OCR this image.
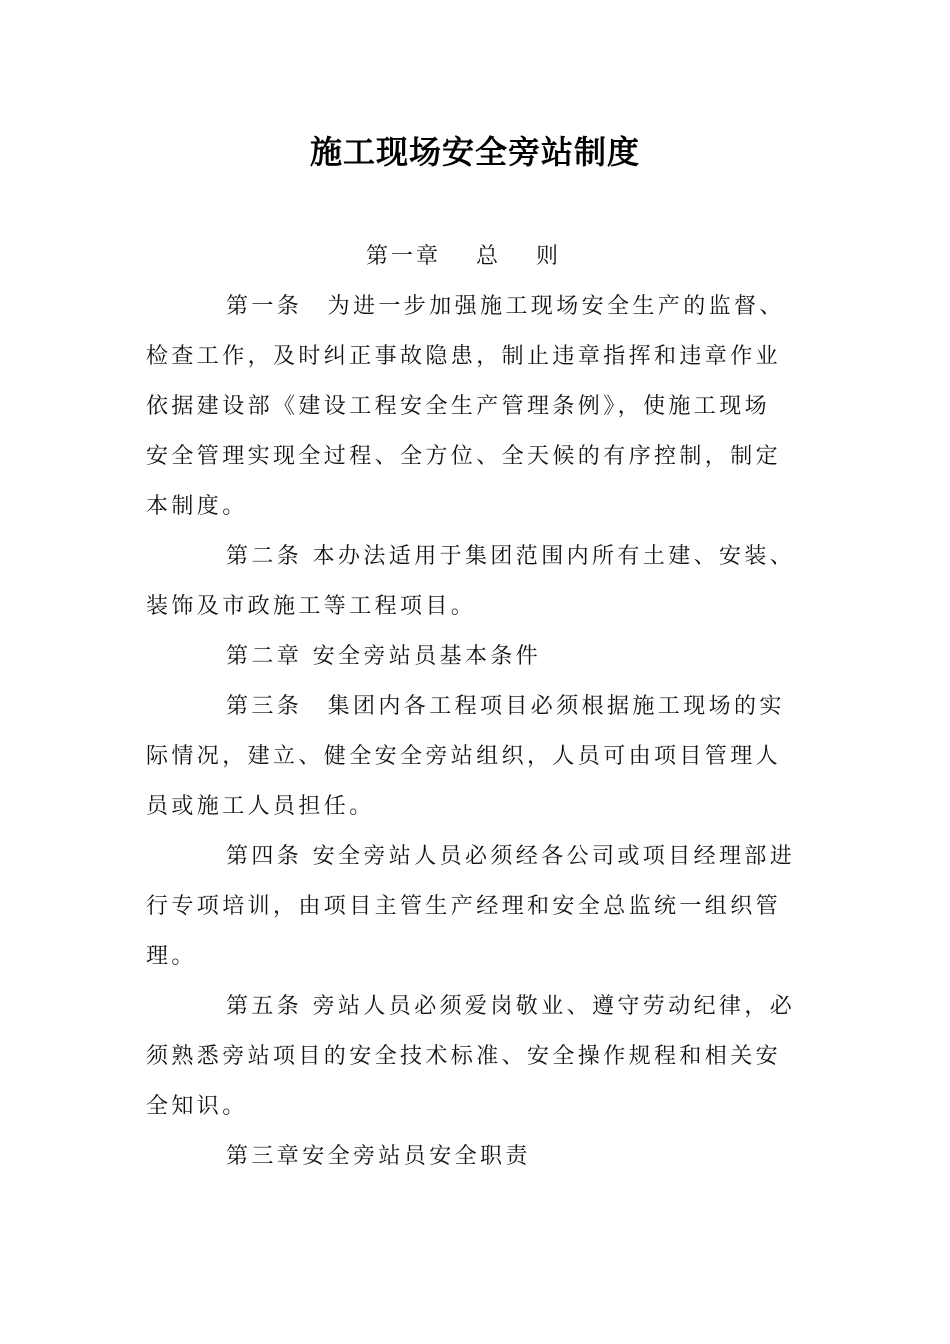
施工现场安全旁站制度
第一章　 总　 则
第一条　为进一步加强施工现场安全生产的监督、
检查工作，及时纠正事故隐患，制止违章指挥和违章作业
依据建设部《建设工程安全生产管理条例》，使施工现场
安全管理实现全过程、全方位、全天候的有序控制，制定
本制度。
第二条 本办法适用于集团范围内所有土建、安装、
装饰及市政施工等工程项目。
第二章 安全旁站员基本条件
第三条　集团内各工程项目必须根据施工现场的实
际情况，建立、健全安全旁站组织，人员可由项目管理人
员或施工人员担任。
第四条 安全旁站人员必须经各公司或项目经理部进
行专项培训，由项目主管生产经理和安全总监统一组织管
理。
第五条 旁站人员必须爱岗敬业、遵守劳动纪律，必
须熟悉旁站项目的安全技术标准、安全操作规程和相关安
全知识。
第三章安全旁站员安全职责
